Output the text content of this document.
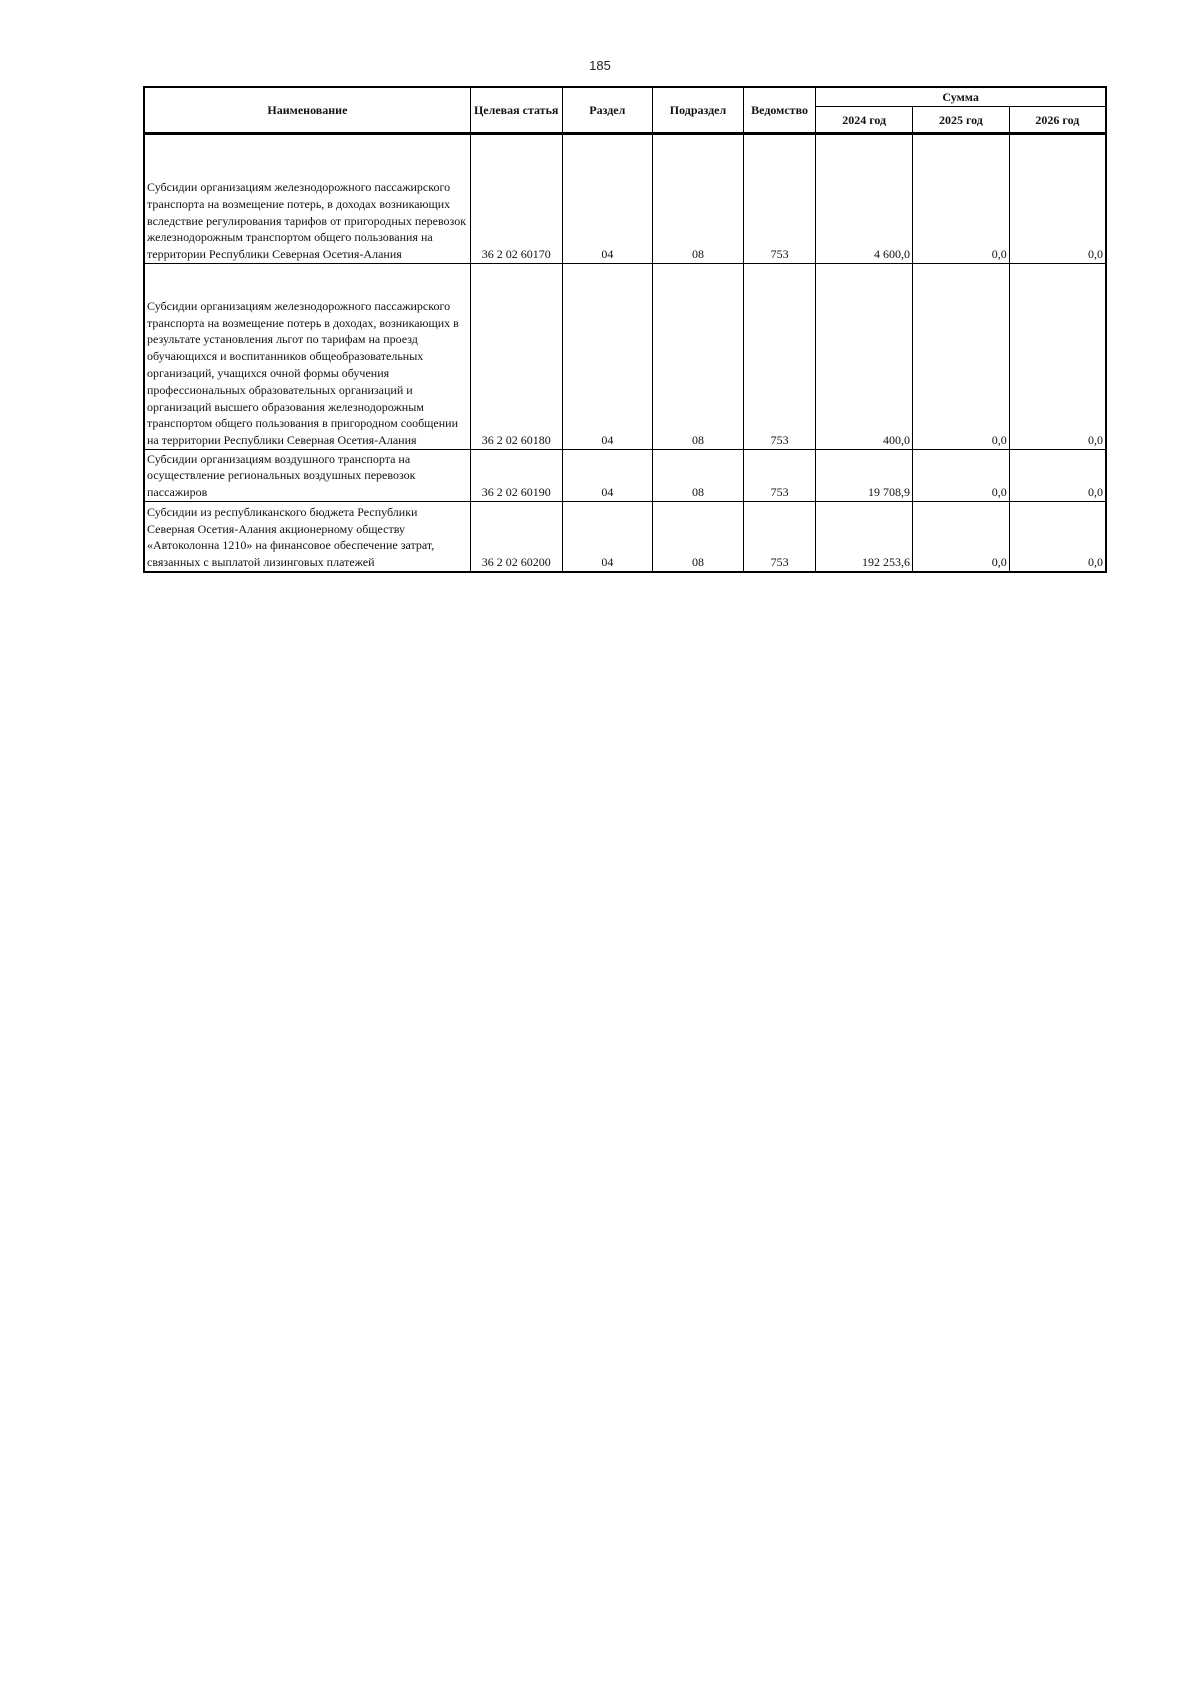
185
Наименование	Целевая статья	Раздел	Подраздел	Ведомство	Сумма		
					2024 год	2025 год	2026 год
Субсидии организациям железнодорожного пассажирского транспорта на возмещение потерь, в доходах возникающих вследствие регулирования тарифов от пригородных перевозок железнодорожным транспортом общего пользования на территории Республики Северная Осетия-Алания	36 2 02 60170	04	08	753	4 600,0	0,0	0,0
Субсидии организациям железнодорожного пассажирского транспорта на возмещение потерь в доходах, возникающих в результате установления льгот по тарифам на проезд обучающихся и воспитанников общеобразовательных организаций, учащихся очной формы обучения профессиональных образовательных организаций и организаций высшего образования железнодорожным транспортом общего пользования в пригородном сообщении на территории Республики Северная Осетия-Алания	36 2 02 60180	04	08	753	400,0	0,0	0,0
Субсидии организациям воздушного транспорта на осуществление региональных воздушных перевозок пассажиров	36 2 02 60190	04	08	753	19 708,9	0,0	0,0
Субсидии из республиканского бюджета Республики Северная Осетия-Алания акционерному обществу «Автоколонна 1210» на финансовое обеспечение затрат, связанных с выплатой лизинговых платежей	36 2 02 60200	04	08	753	192 253,6	0,0	0,0
